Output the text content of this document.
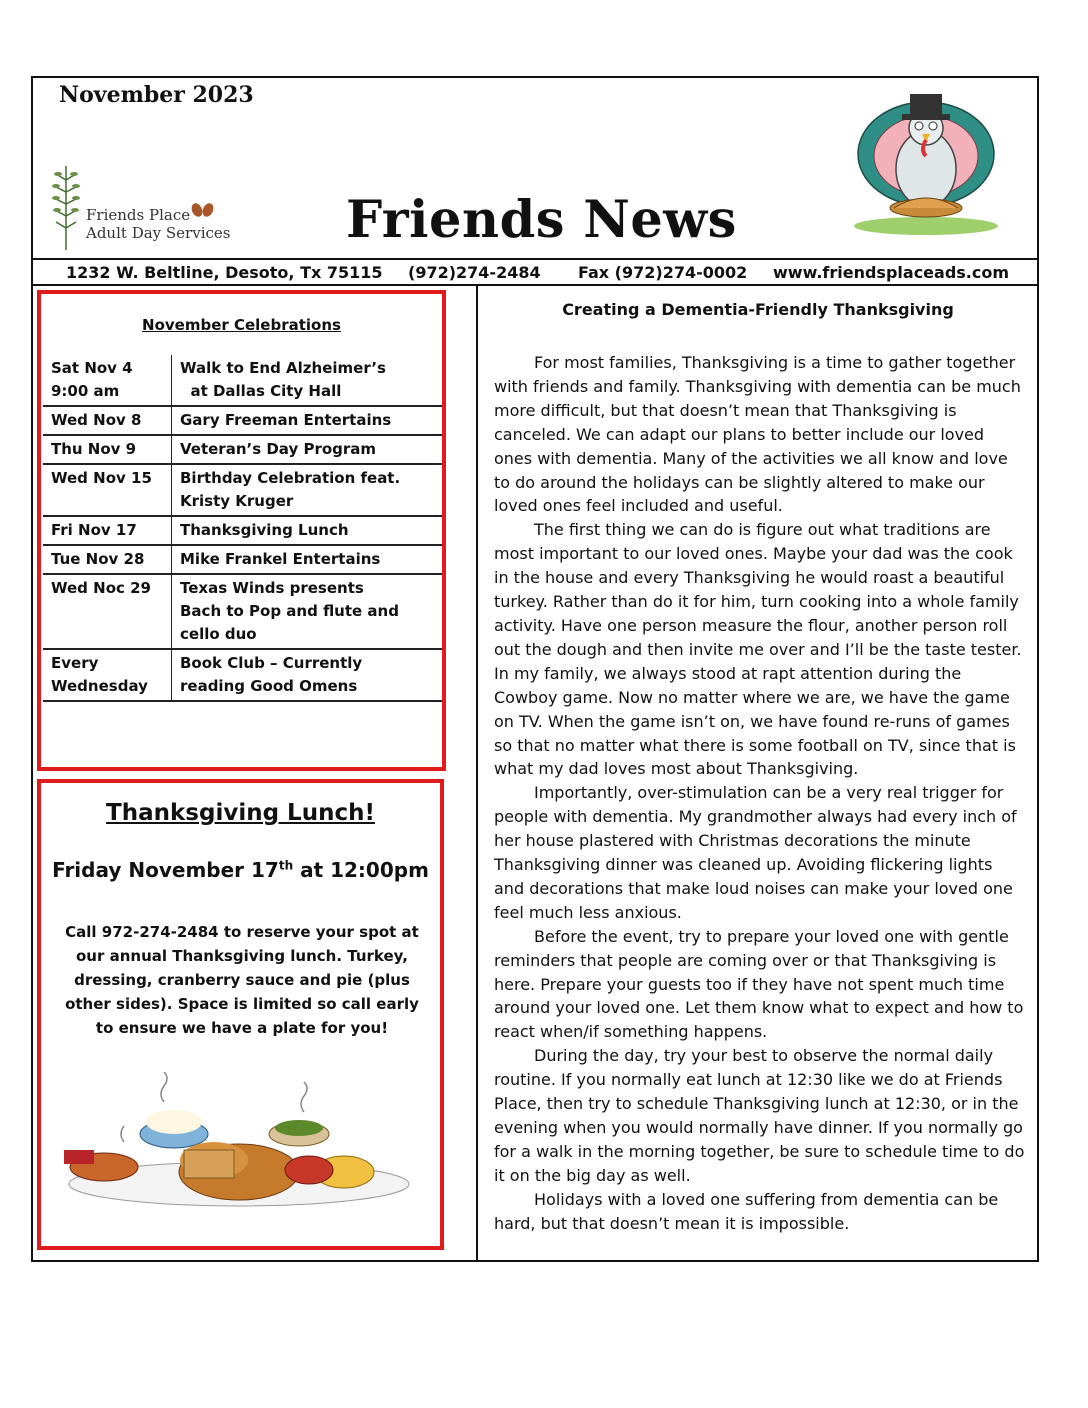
November 2023
Friends Place
Adult Day Services Friends News
1232 W. Beltline, Desoto, Tx 75115 (972)274-2484 Fax (972)274-0002 www.friendsplaceads.com
November Celebrations
Sat Nov 4
9:00 am	Walk to End Alzheimer’s
at Dallas City Hall
Wed Nov 8	Gary Freeman Entertains
Thu Nov 9	Veteran’s Day Program
Wed Nov 15	Birthday Celebration feat.
Kristy Kruger
Fri Nov 17	Thanksgiving Lunch
Tue Nov 28	Mike Frankel Entertains
Wed Noc 29	Texas Winds presents
Bach to Pop and flute and
cello duo
Every
Wednesday	Book Club – Currently
reading Good Omens
Thanksgiving Lunch!
Friday November 17th at 12:00pm
Call 972-274-2484 to reserve your spot at our annual Thanksgiving lunch. Turkey, dressing, cranberry sauce and pie (plus other sides). Space is limited so call early to ensure we have a plate for you!
Creating a Dementia-Friendly Thanksgiving

For most families, Thanksgiving is a time to gather together with friends and family. Thanksgiving with dementia can be much more difficult, but that doesn’t mean that Thanksgiving is canceled. We can adapt our plans to better include our loved ones with dementia. Many of the activities we all know and love to do around the holidays can be slightly altered to make our loved ones feel included and useful.

The first thing we can do is figure out what traditions are most important to our loved ones. Maybe your dad was the cook in the house and every Thanksgiving he would roast a beautiful turkey. Rather than do it for him, turn cooking into a whole family activity. Have one person measure the flour, another person roll out the dough and then invite me over and I’ll be the taste tester. In my family, we always stood at rapt attention during the Cowboy game. Now no matter where we are, we have the game on TV. When the game isn’t on, we have found re-runs of games so that no matter what there is some football on TV, since that is what my dad loves most about Thanksgiving.

Importantly, over-stimulation can be a very real trigger for people with dementia. My grandmother always had every inch of her house plastered with Christmas decorations the minute Thanksgiving dinner was cleaned up. Avoiding flickering lights and decorations that make loud noises can make your loved one feel much less anxious.

Before the event, try to prepare your loved one with gentle reminders that people are coming over or that Thanksgiving is here. Prepare your guests too if they have not spent much time around your loved one. Let them know what to expect and how to react when/if something happens.

During the day, try your best to observe the normal daily routine. If you normally eat lunch at 12:30 like we do at Friends Place, then try to schedule Thanksgiving lunch at 12:30, or in the evening when you would normally have dinner. If you normally go for a walk in the morning together, be sure to schedule time to do it on the big day as well.

Holidays with a loved one suffering from dementia can be hard, but that doesn’t mean it is impossible.
